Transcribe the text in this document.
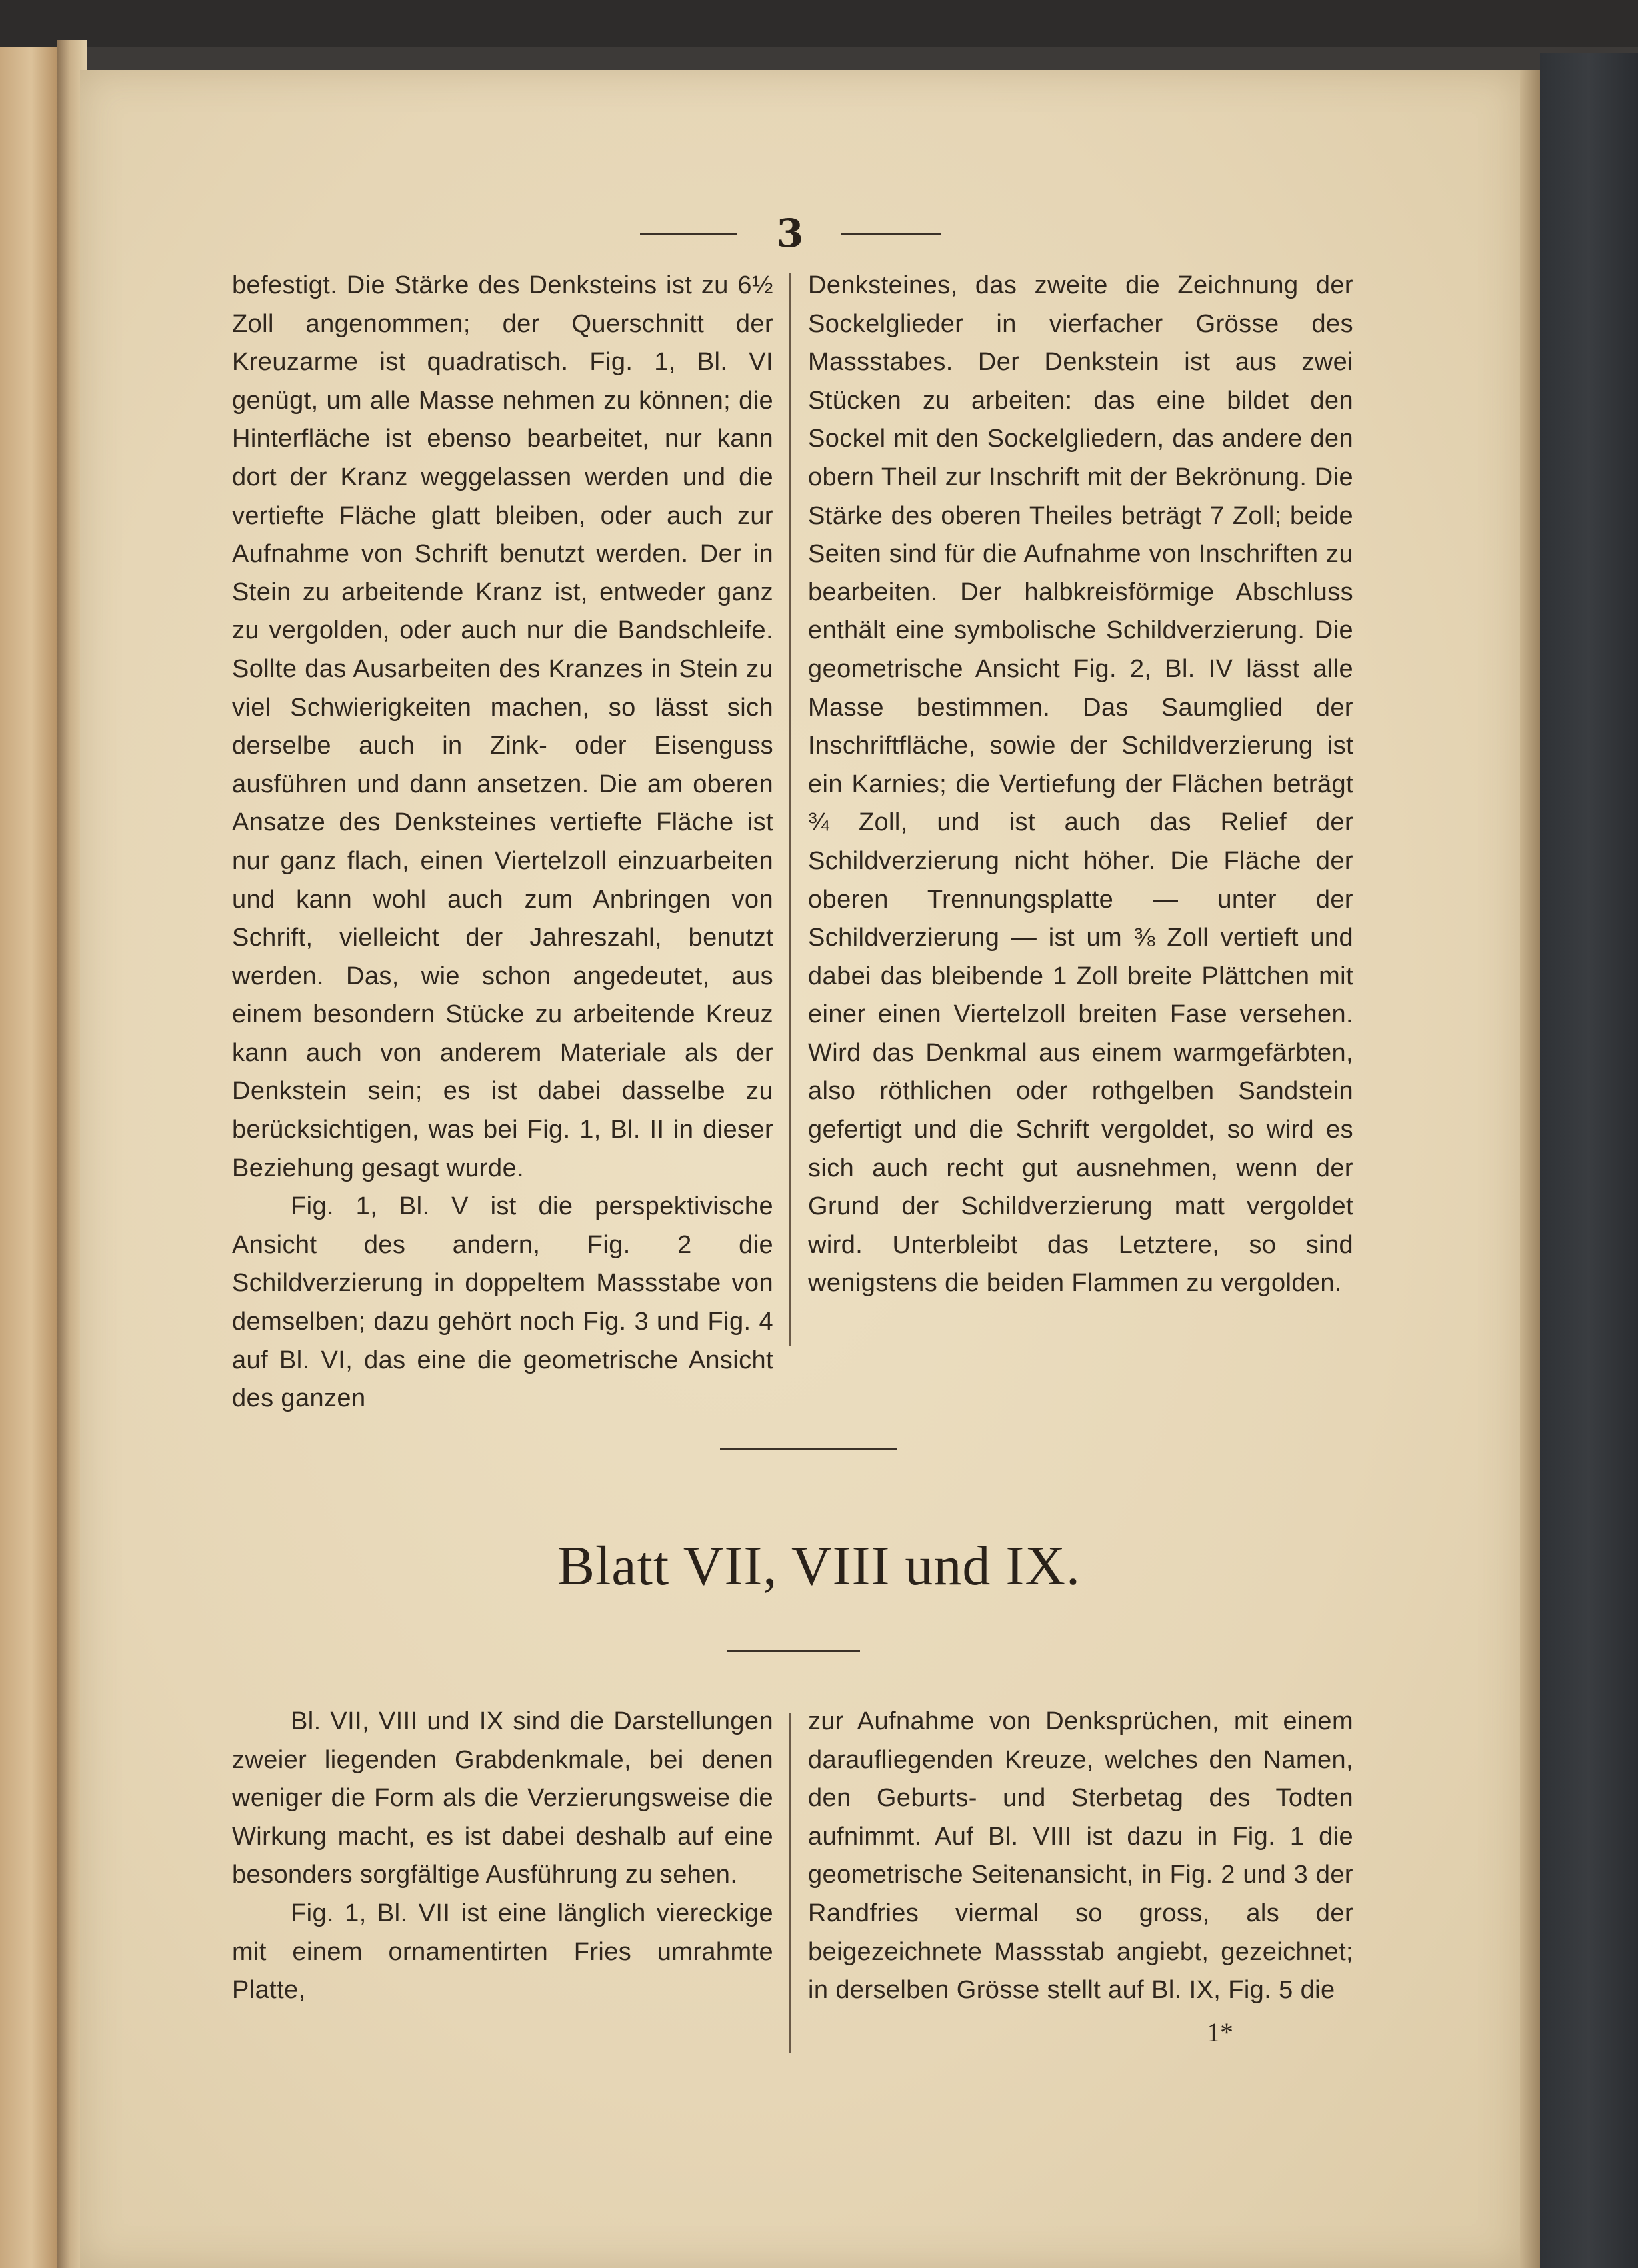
3

befestigt. Die Stärke des Denksteins ist zu 6½ Zoll angenommen; der Querschnitt der Kreuzarme ist quadratisch. Fig. 1, Bl. VI genügt, um alle Masse nehmen zu können; die Hinterfläche ist ebenso bearbeitet, nur kann dort der Kranz weggelassen werden und die vertiefte Fläche glatt bleiben, oder auch zur Aufnahme von Schrift benutzt werden. Der in Stein zu arbeitende Kranz ist, entweder ganz zu vergolden, oder auch nur die Bandschleife. Sollte das Ausarbeiten des Kranzes in Stein zu viel Schwierigkeiten machen, so lässt sich derselbe auch in Zink- oder Eisenguss ausführen und dann ansetzen. Die am oberen Ansatze des Denksteines vertiefte Fläche ist nur ganz flach, einen Viertelzoll einzuarbeiten und kann wohl auch zum Anbringen von Schrift, vielleicht der Jahreszahl, benutzt werden. Das, wie schon angedeutet, aus einem besondern Stücke zu arbeitende Kreuz kann auch von anderem Materiale als der Denkstein sein; es ist dabei dasselbe zu berücksichtigen, was bei Fig. 1, Bl. II in dieser Beziehung gesagt wurde.

Fig. 1, Bl. V ist die perspektivische Ansicht des andern, Fig. 2 die Schildverzierung in doppeltem Massstabe von demselben; dazu gehört noch Fig. 3 und Fig. 4 auf Bl. VI, das eine die geometrische Ansicht des ganzen

Denksteines, das zweite die Zeichnung der Sockelglieder in vierfacher Grösse des Massstabes. Der Denkstein ist aus zwei Stücken zu arbeiten: das eine bildet den Sockel mit den Sockelgliedern, das andere den obern Theil zur Inschrift mit der Bekrönung. Die Stärke des oberen Theiles beträgt 7 Zoll; beide Seiten sind für die Aufnahme von Inschriften zu bearbeiten. Der halbkreisförmige Abschluss enthält eine symbolische Schildverzierung. Die geometrische Ansicht Fig. 2, Bl. IV lässt alle Masse bestimmen. Das Saumglied der Inschriftfläche, sowie der Schildverzierung ist ein Karnies; die Vertiefung der Flächen beträgt ¾ Zoll, und ist auch das Relief der Schildverzierung nicht höher. Die Fläche der oberen Trennungsplatte — unter der Schildverzierung — ist um ⅜ Zoll vertieft und dabei das bleibende 1 Zoll breite Plättchen mit einer einen Viertelzoll breiten Fase versehen. Wird das Denkmal aus einem warmgefärbten, also röthlichen oder rothgelben Sandstein gefertigt und die Schrift vergoldet, so wird es sich auch recht gut ausnehmen, wenn der Grund der Schildverzierung matt vergoldet wird. Unterbleibt das Letztere, so sind wenigstens die beiden Flammen zu vergolden.

Blatt VII, VIII und IX.

Bl. VII, VIII und IX sind die Darstellungen zweier liegenden Grabdenkmale, bei denen weniger die Form als die Verzierungsweise die Wirkung macht, es ist dabei deshalb auf eine besonders sorgfältige Ausführung zu sehen.

Fig. 1, Bl. VII ist eine länglich viereckige mit einem ornamentirten Fries umrahmte Platte,

zur Aufnahme von Denksprüchen, mit einem daraufliegenden Kreuze, welches den Namen, den Geburts- und Sterbetag des Todten aufnimmt. Auf Bl. VIII ist dazu in Fig. 1 die geometrische Seitenansicht, in Fig. 2 und 3 der Randfries viermal so gross, als der beigezeichnete Massstab angiebt, gezeichnet; in derselben Grösse stellt auf Bl. IX, Fig. 5 die

1*
